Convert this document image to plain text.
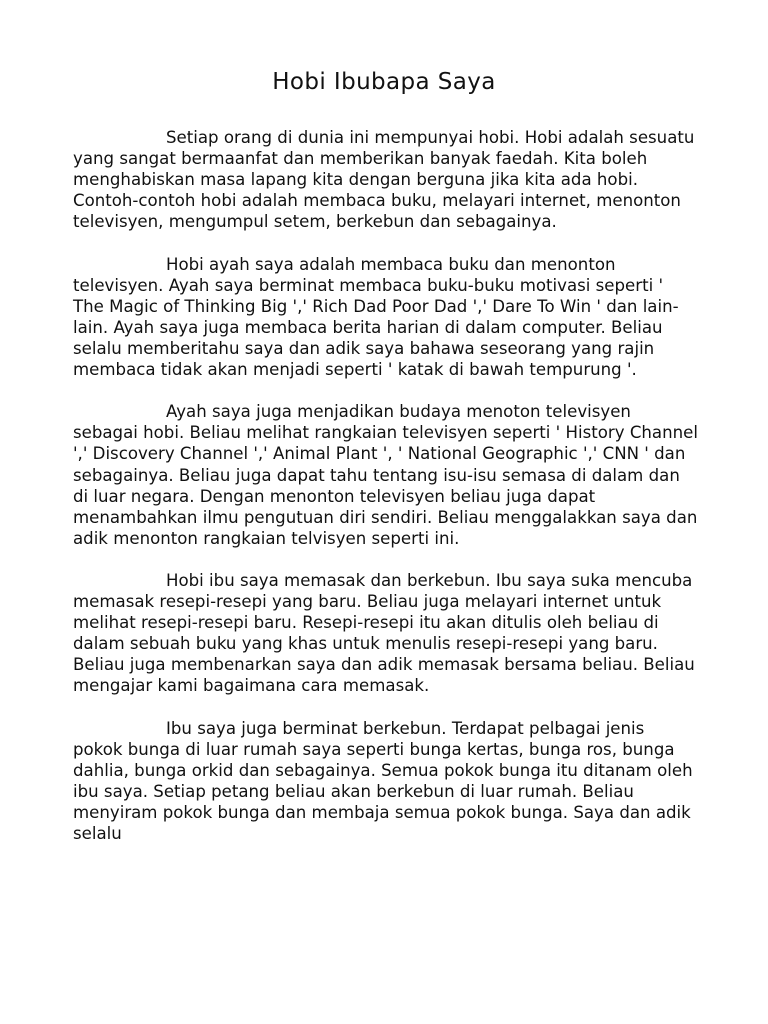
Hobi Ibubapa Saya

Setiap orang di dunia ini mempunyai hobi. Hobi adalah sesuatu yang sangat bermaanfat dan memberikan banyak faedah. Kita boleh menghabiskan masa lapang kita dengan berguna jika kita ada hobi. Contoh-contoh hobi adalah membaca buku, melayari internet, menonton televisyen, mengumpul setem, berkebun dan sebagainya.

Hobi ayah saya adalah membaca buku dan menonton televisyen. Ayah saya berminat membaca buku-buku motivasi seperti ' The Magic of Thinking Big ',' Rich Dad Poor Dad ',' Dare To Win ' dan lain-lain. Ayah saya juga membaca berita harian di dalam computer. Beliau selalu memberitahu saya dan adik saya bahawa seseorang yang rajin membaca tidak akan menjadi seperti ' katak di bawah tempurung '.

Ayah saya juga menjadikan budaya menoton televisyen sebagai hobi. Beliau melihat rangkaian televisyen seperti ' History Channel ',' Discovery Channel ',' Animal Plant ', ' National Geographic ',' CNN ' dan sebagainya. Beliau juga dapat tahu tentang isu-isu semasa di dalam dan di luar negara. Dengan menonton televisyen beliau juga dapat menambahkan ilmu pengutuan diri sendiri. Beliau menggalakkan saya dan adik menonton rangkaian telvisyen seperti ini.

Hobi ibu saya memasak dan berkebun. Ibu saya suka mencuba memasak resepi-resepi yang baru. Beliau juga melayari internet untuk melihat resepi-resepi baru. Resepi-resepi itu akan ditulis oleh beliau di dalam sebuah buku yang khas untuk menulis resepi-resepi yang baru. Beliau juga membenarkan saya dan adik memasak bersama beliau. Beliau mengajar kami bagaimana cara memasak.

Ibu saya juga berminat berkebun. Terdapat pelbagai jenis pokok bunga di luar rumah saya seperti bunga kertas, bunga ros, bunga dahlia, bunga orkid dan sebagainya. Semua pokok bunga itu ditanam oleh ibu saya. Setiap petang beliau akan berkebun di luar rumah. Beliau menyiram pokok bunga dan membaja semua pokok bunga. Saya dan adik selalu
